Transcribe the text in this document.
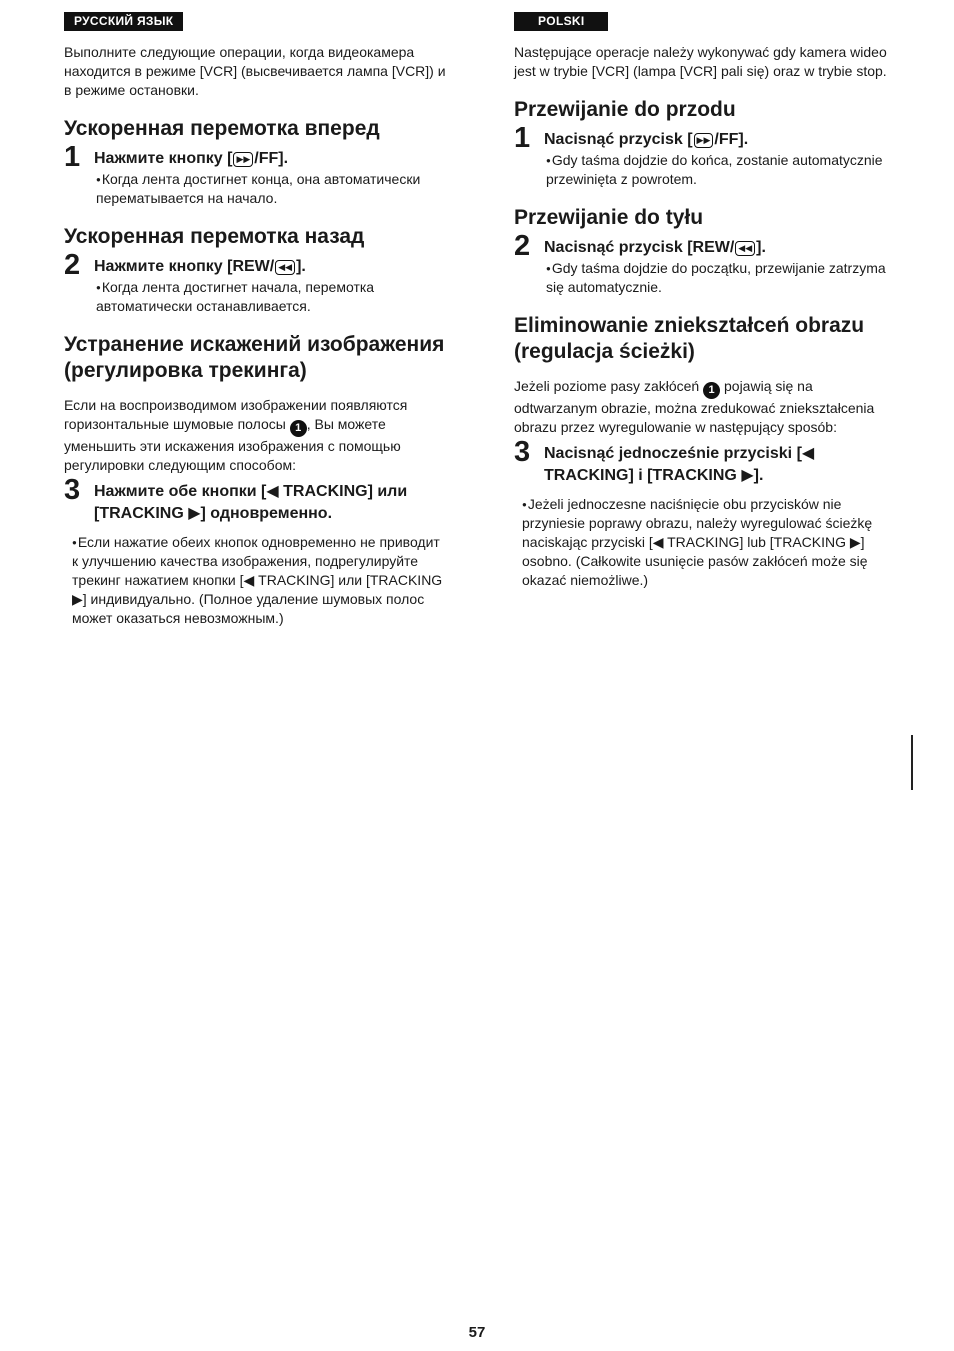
РУССКИЙ ЯЗЫК

Выполните следующие операции, когда видеокамера находится в режиме [VCR] (высвечивается лампа [VCR]) и в режиме остановки.

Ускоренная перемотка вперед
1 Нажмите кнопку [ ▶▶ /FF].
● Когда лента достигнет конца, она автоматически перематывается на начало.
Ускоренная перемотка назад
2 Нажмите кнопку [REW/ ◀◀ ].
● Когда лента достигнет начала, перемотка автоматически останавливается.
Устранение искажений изображения (регулировка трекинга)

Если на воспроизводимом изображении появляются горизонтальные шумовые полосы 1 , Вы можете уменьшить эти искажения изображения с помощью регулировки следующим способом:

3 Нажмите обе кнопки [◀ TRACKING] или [TRACKING ▶] одновременно.
● Если нажатие обеих кнопок одновременно не приводит к улучшению качества изображения, подрегулируйте трекинг нажатием кнопки [◀ TRACKING] или [TRACKING ▶] индивидуально. (Полное удаление шумовых полос может оказаться невозможным.)
POLSKI

Następujące operacje należy wykonywać gdy kamera wideo jest w trybie [VCR] (lampa [VCR] pali się) oraz w trybie stop.

Przewijanie do przodu
1 Nacisnąć przycisk [ ▶▶ /FF].
● Gdy taśma dojdzie do końca, zostanie automatycznie przewinięta z powrotem.
Przewijanie do tyłu
2 Nacisnąć przycisk [REW/ ◀◀ ].
● Gdy taśma dojdzie do początku, przewijanie zatrzyma się automatycznie.
Eliminowanie zniekształceń obrazu (regulacja ścieżki)

Jeżeli poziome pasy zakłóceń 1 pojawią się na odtwarzanym obrazie, można zredukować zniekształcenia obrazu przez wyregulowanie w następujący sposób:

3 Nacisnąć jednocześnie przyciski [◀ TRACKING] i [TRACKING ▶].
● Jeżeli jednoczesne naciśnięcie obu przycisków nie przyniesie poprawy obrazu, należy wyregulować ścieżkę naciskając przyciski [◀ TRACKING] lub [TRACKING ▶] osobno. (Całkowite usunięcie pasów zakłóceń może się okazać niemożliwe.)
57
